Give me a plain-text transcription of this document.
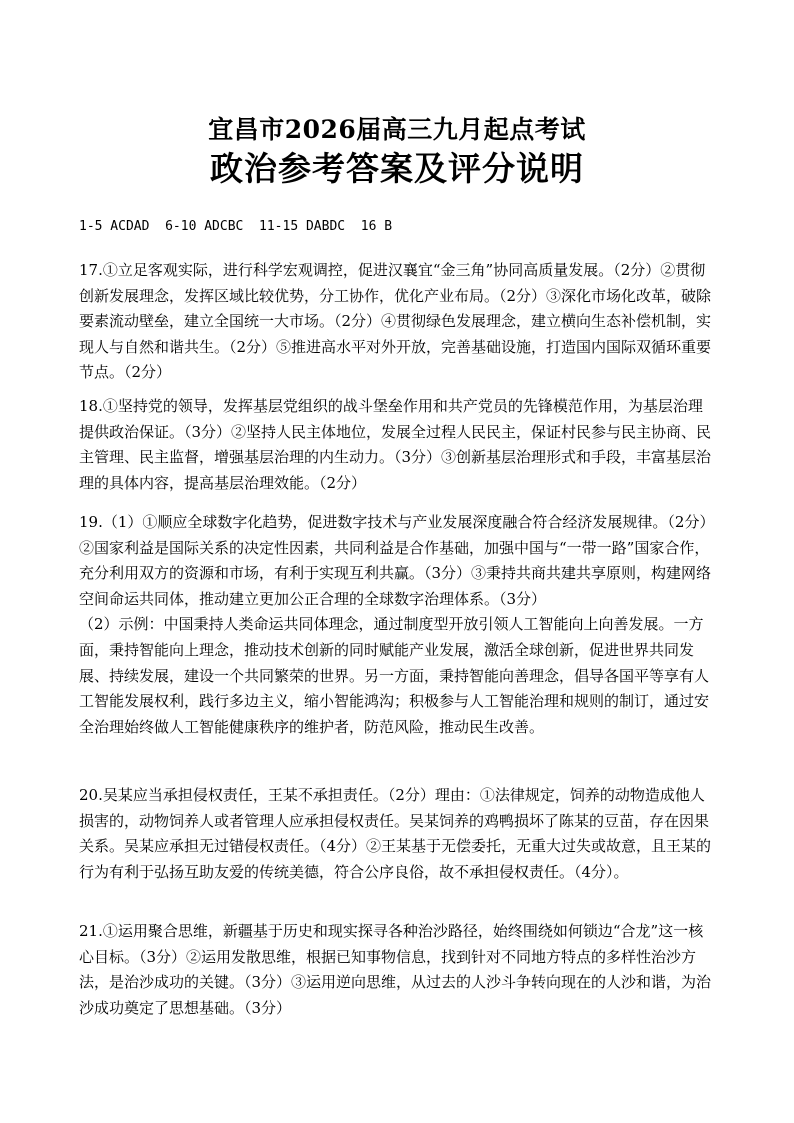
宜昌市2026届高三九月起点考试
政治参考答案及评分说明
1-5 ACDAD  6-10 ADCBC  11-15 DABDC  16 B

17.①立足客观实际，进行科学宏观调控，促进汉襄宜“金三角”协同高质量发展。（2分）②贯彻创新发展理念，发挥区域比较优势，分工协作，优化产业布局。（2分）③深化市场化改革，破除要素流动壁垒，建立全国统一大市场。（2分）④贯彻绿色发展理念，建立横向生态补偿机制，实现人与自然和谐共生。（2分）⑤推进高水平对外开放，完善基础设施，打造国内国际双循环重要节点。（2分）

18.①坚持党的领导，发挥基层党组织的战斗堡垒作用和共产党员的先锋模范作用，为基层治理提供政治保证。（3分）②坚持人民主体地位，发展全过程人民民主，保证村民参与民主协商、民主管理、民主监督，增强基层治理的内生动力。（3分）③创新基层治理形式和手段，丰富基层治理的具体内容，提高基层治理效能。（2分）

19.（1）①顺应全球数字化趋势，促进数字技术与产业发展深度融合符合经济发展规律。（2分）②国家利益是国际关系的决定性因素，共同利益是合作基础，加强中国与“一带一路”国家合作，充分利用双方的资源和市场，有利于实现互利共赢。（3分）③秉持共商共建共享原则，构建网络空间命运共同体，推动建立更加公正合理的全球数字治理体系。（3分）

（2）示例：中国秉持人类命运共同体理念，通过制度型开放引领人工智能向上向善发展。一方面，秉持智能向上理念，推动技术创新的同时赋能产业发展，激活全球创新，促进世界共同发展、持续发展，建设一个共同繁荣的世界。另一方面，秉持智能向善理念，倡导各国平等享有人工智能发展权利，践行多边主义，缩小智能鸿沟；积极参与人工智能治理和规则的制订，通过安全治理始终做人工智能健康秩序的维护者，防范风险，推动民生改善。

20.吴某应当承担侵权责任，王某不承担责任。（2分）理由：①法律规定，饲养的动物造成他人损害的，动物饲养人或者管理人应承担侵权责任。吴某饲养的鸡鸭损坏了陈某的豆苗，存在因果关系。吴某应承担无过错侵权责任。（4分）②王某基于无偿委托，无重大过失或故意，且王某的行为有利于弘扬互助友爱的传统美德，符合公序良俗，故不承担侵权责任。（4分）。

21.①运用聚合思维，新疆基于历史和现实探寻各种治沙路径，始终围绕如何锁边“合龙”这一核心目标。（3分）②运用发散思维，根据已知事物信息，找到针对不同地方特点的多样性治沙方法，是治沙成功的关键。（3分）③运用逆向思维，从过去的人沙斗争转向现在的人沙和谐，为治沙成功奠定了思想基础。（3分）
